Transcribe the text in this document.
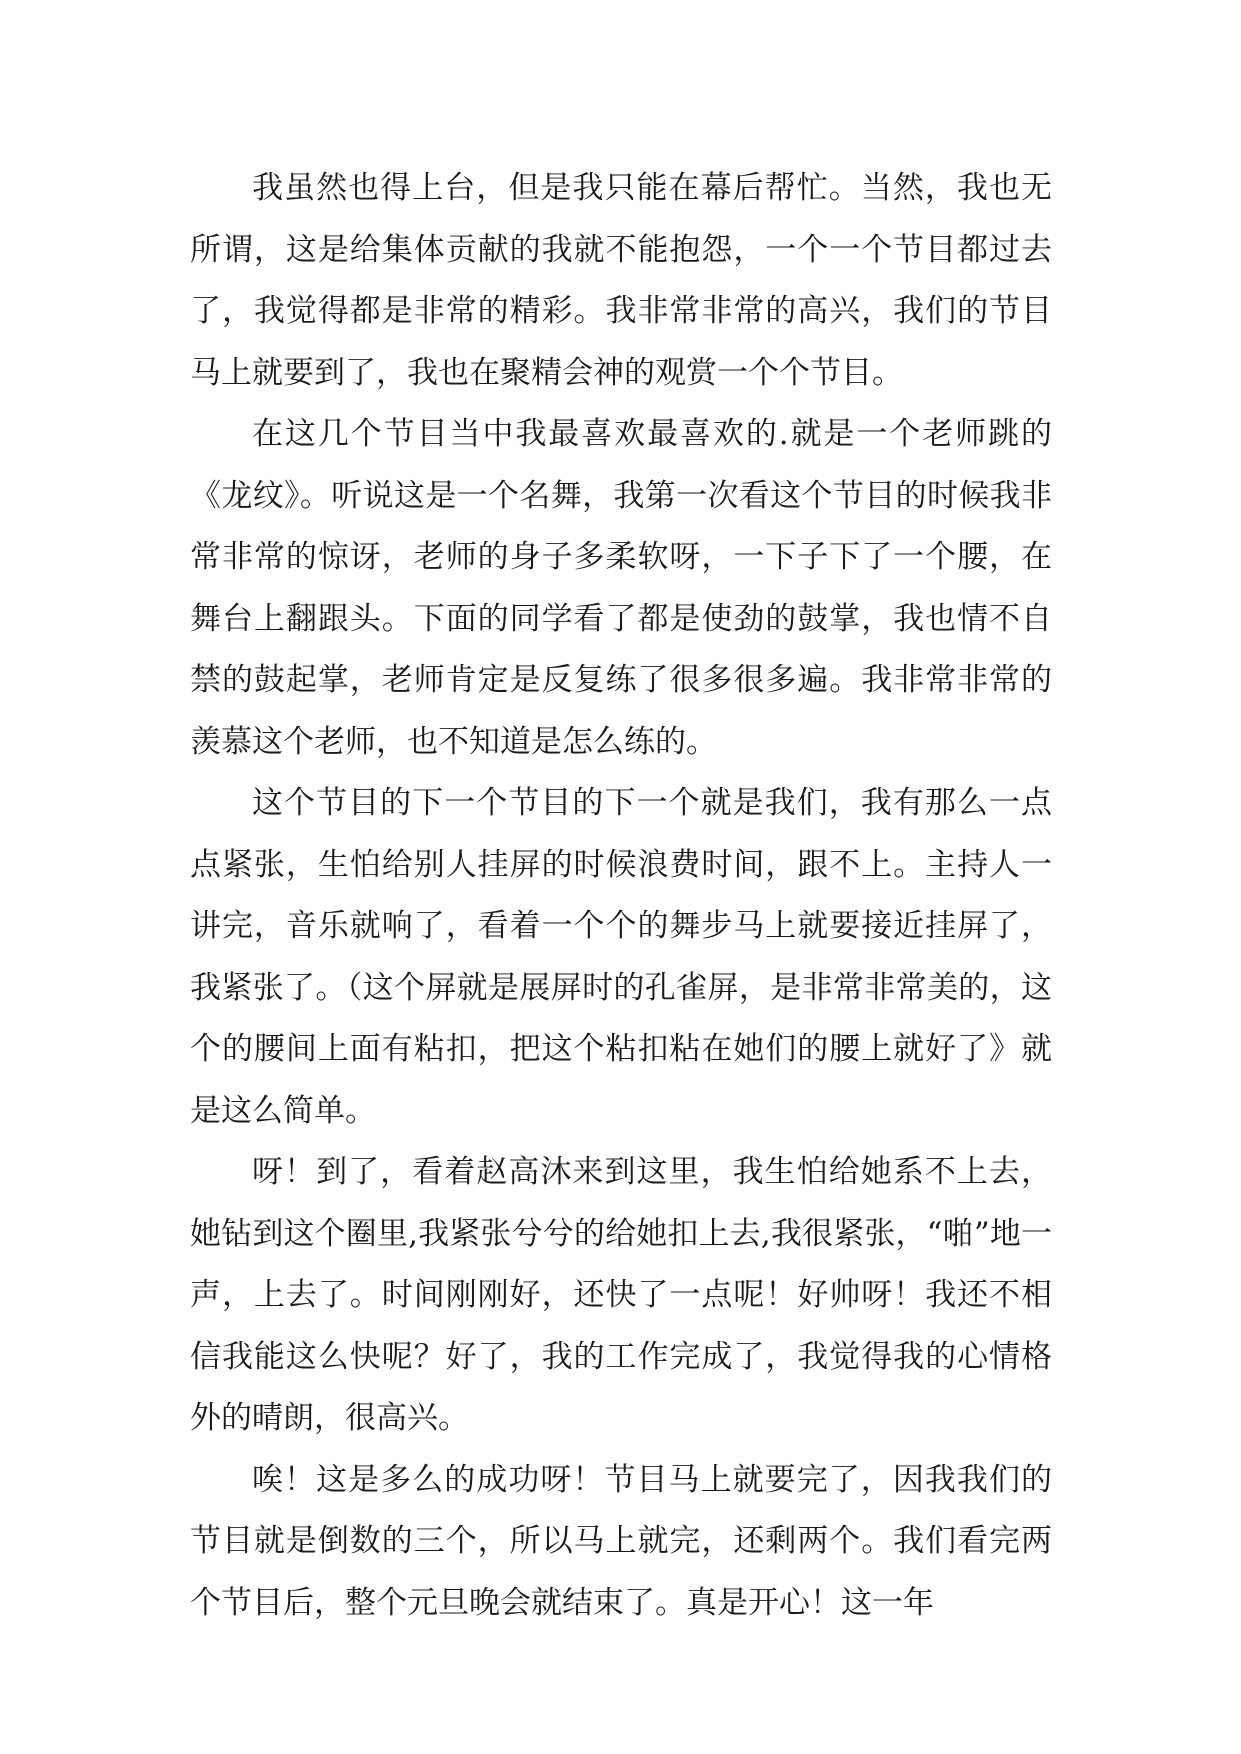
我虽然也得上台，但是我只能在幕后帮忙。当然，我也无所谓，这是给集体贡献的我就不能抱怨，一个一个节目都过去了，我觉得都是非常的精彩。我非常非常的高兴，我们的节目马上就要到了，我也在聚精会神的观赏一个个节目。

在这几个节目当中我最喜欢最喜欢的.就是一个老师跳的《龙纹》。听说这是一个名舞，我第一次看这个节目的时候我非常非常的惊讶，老师的身子多柔软呀，一下子下了一个腰，在舞台上翻跟头。下面的同学看了都是使劲的鼓掌，我也情不自禁的鼓起掌，老师肯定是反复练了很多很多遍。我非常非常的羡慕这个老师，也不知道是怎么练的。

这个节目的下一个节目的下一个就是我们，我有那么一点点紧张，生怕给别人挂屏的时候浪费时间，跟不上。主持人一讲完，音乐就响了，看着一个个的舞步马上就要接近挂屏了，我紧张了。（这个屏就是展屏时的孔雀屏，是非常非常美的，这个的腰间上面有粘扣，把这个粘扣粘在她们的腰上就好了》就是这么简单。

呀！到了，看着赵高沐来到这里，我生怕给她系不上去，她钻到这个圈里,我紧张兮兮的给她扣上去,我很紧张，“啪”地一声，上去了。时间刚刚好，还快了一点呢！好帅呀！我还不相信我能这么快呢？好了，我的工作完成了，我觉得我的心情格外的晴朗，很高兴。

唉！这是多么的成功呀！节目马上就要完了，因我我们的节目就是倒数的三个，所以马上就完，还剩两个。我们看完两个节目后，整个元旦晚会就结束了。真是开心！这一年
